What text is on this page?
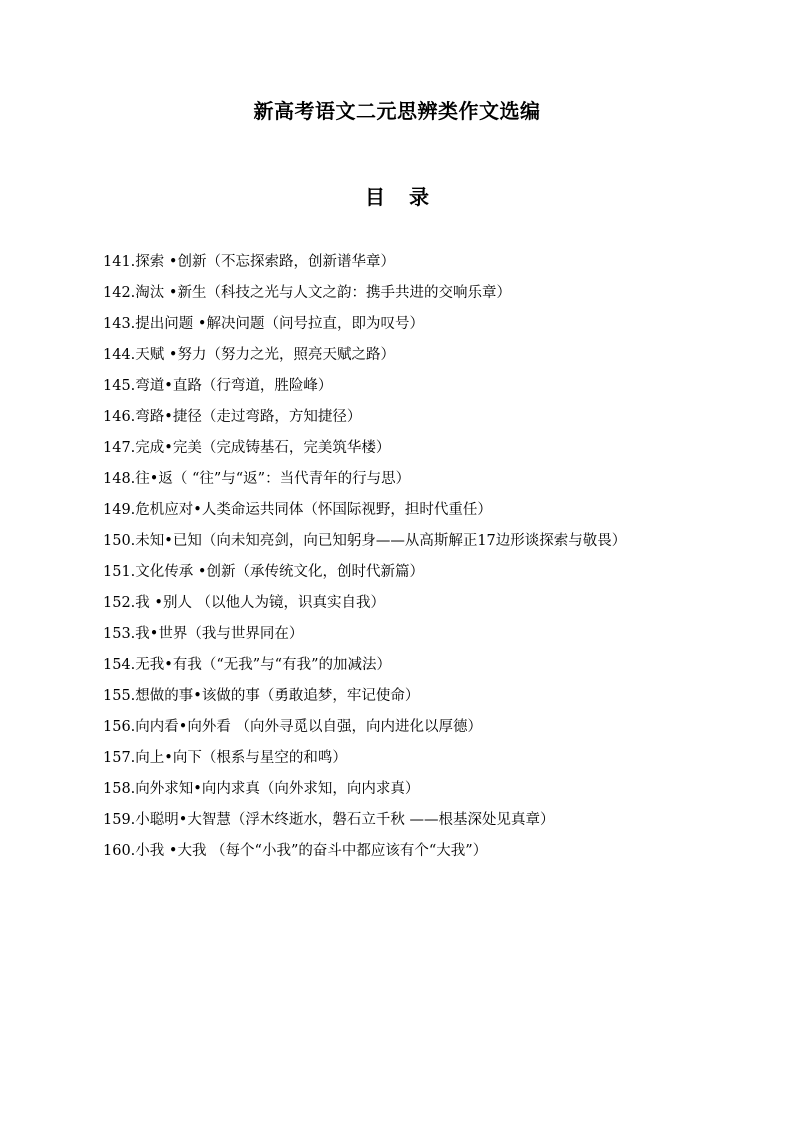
新高考语文二元思辨类作文选编
目 录
141.探索 •创新（不忘探索路，创新谱华章）
142.淘汰 •新生（科技之光与人文之韵：携手共进的交响乐章）
143.提出问题 •解决问题（问号拉直，即为叹号）
144.天赋 •努力（努力之光，照亮天赋之路）
145.弯道•直路（行弯道，胜险峰）
146.弯路•捷径（走过弯路，方知捷径）
147.完成•完美（完成铸基石，完美筑华楼）
148.往•返（ “往”与“返”：当代青年的行与思）
149.危机应对•人类命运共同体（怀国际视野，担时代重任）
150.未知•已知（向未知亮剑，向已知躬身——从高斯解正17边形谈探索与敬畏）
151.文化传承 •创新（承传统文化，创时代新篇）
152.我 •别人 （以他人为镜，识真实自我）
153.我•世界（我与世界同在）
154.无我•有我（“无我”与“有我”的加减法）
155.想做的事•该做的事（勇敢追梦，牢记使命）
156.向内看•向外看 （向外寻觅以自强，向内进化以厚德）
157.向上•向下（根系与星空的和鸣）
158.向外求知•向内求真（向外求知，向内求真）
159.小聪明•大智慧（浮木终逝水，磐石立千秋 ——根基深处见真章）
160.小我 •大我 （每个“小我”的奋斗中都应该有个“大我”）
